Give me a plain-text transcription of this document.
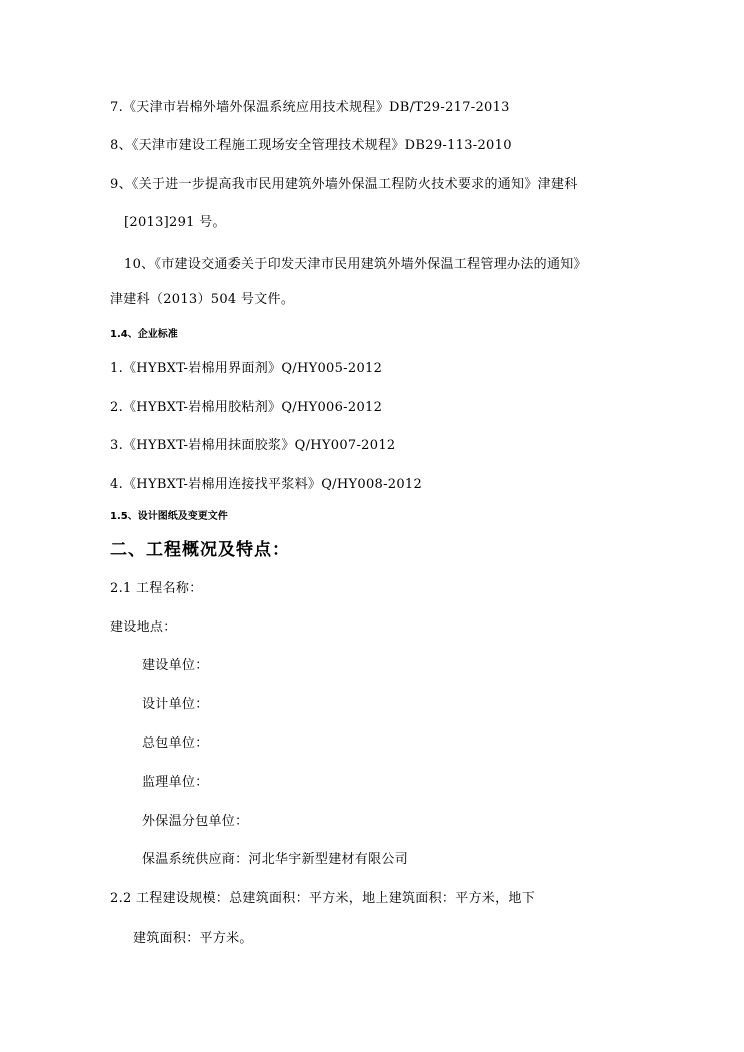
7.《天津市岩棉外墙外保温系统应用技术规程》DB/T29-217-2013
8、《天津市建设工程施工现场安全管理技术规程》DB29-113-2010
9、《关于进一步提高我市民用建筑外墙外保温工程防火技术要求的通知》津建科
[2013]291 号。
10、《市建设交通委关于印发天津市民用建筑外墙外保温工程管理办法的通知》
津建科（2013）504 号文件。
1.4、企业标准
1.《HYBXT-岩棉用界面剂》Q/HY005-2012
2.《HYBXT-岩棉用胶粘剂》Q/HY006-2012
3.《HYBXT-岩棉用抹面胶浆》Q/HY007-2012
4.《HYBXT-岩棉用连接找平浆料》Q/HY008-2012
1.5、设计图纸及变更文件
二、工程概况及特点：
2.1 工程名称：
建设地点：
建设单位：
设计单位：
总包单位：
监理单位：
外保温分包单位：
保温系统供应商：河北华宇新型建材有限公司
2.2 工程建设规模：总建筑面积：平方米，地上建筑面积：平方米，地下
建筑面积：平方米。
